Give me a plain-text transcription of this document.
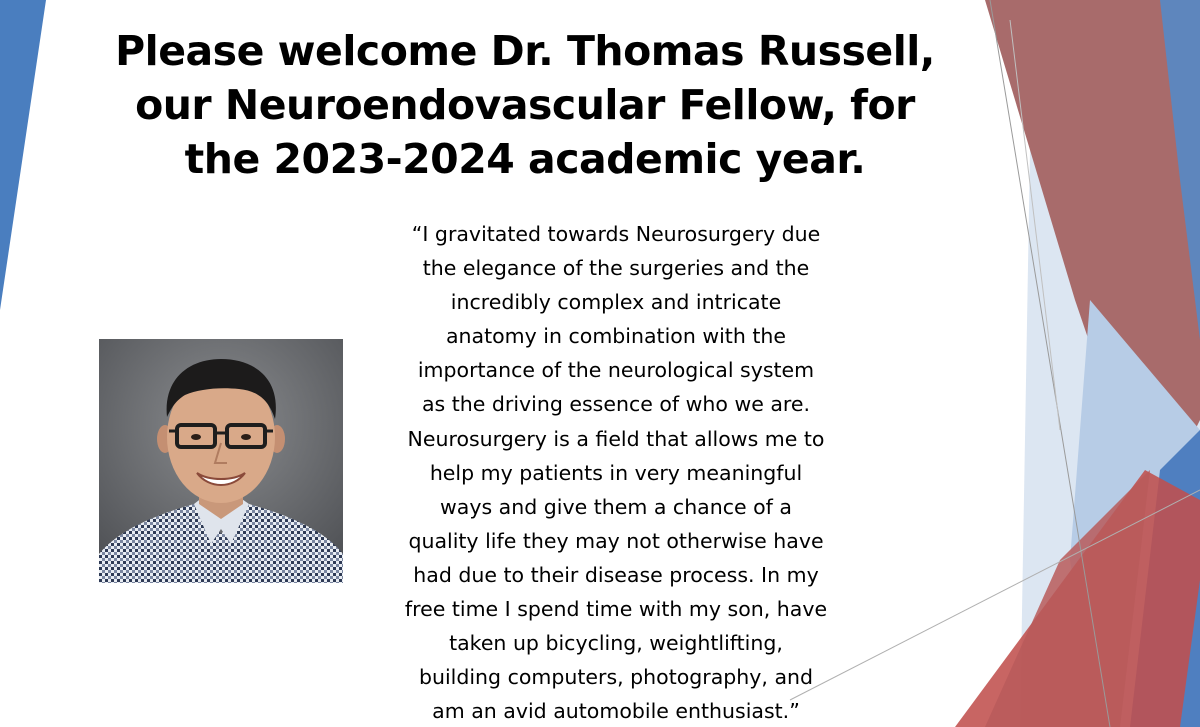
Please welcome Dr. Thomas Russell,
our Neuroendovascular Fellow, for
the 2023-2024 academic year.

“I gravitated towards Neurosurgery due
the elegance of the surgeries and the
incredibly complex and intricate
anatomy in combination with the
importance of the neurological system
as the driving essence of who we are.
Neurosurgery is a field that allows me to
help my patients in very meaningful
ways and give them a chance of a
quality life they may not otherwise have
had due to their disease process. In my
free time I spend time with my son, have
taken up bicycling, weightlifting,
building computers, photography, and
am an avid automobile enthusiast.”
